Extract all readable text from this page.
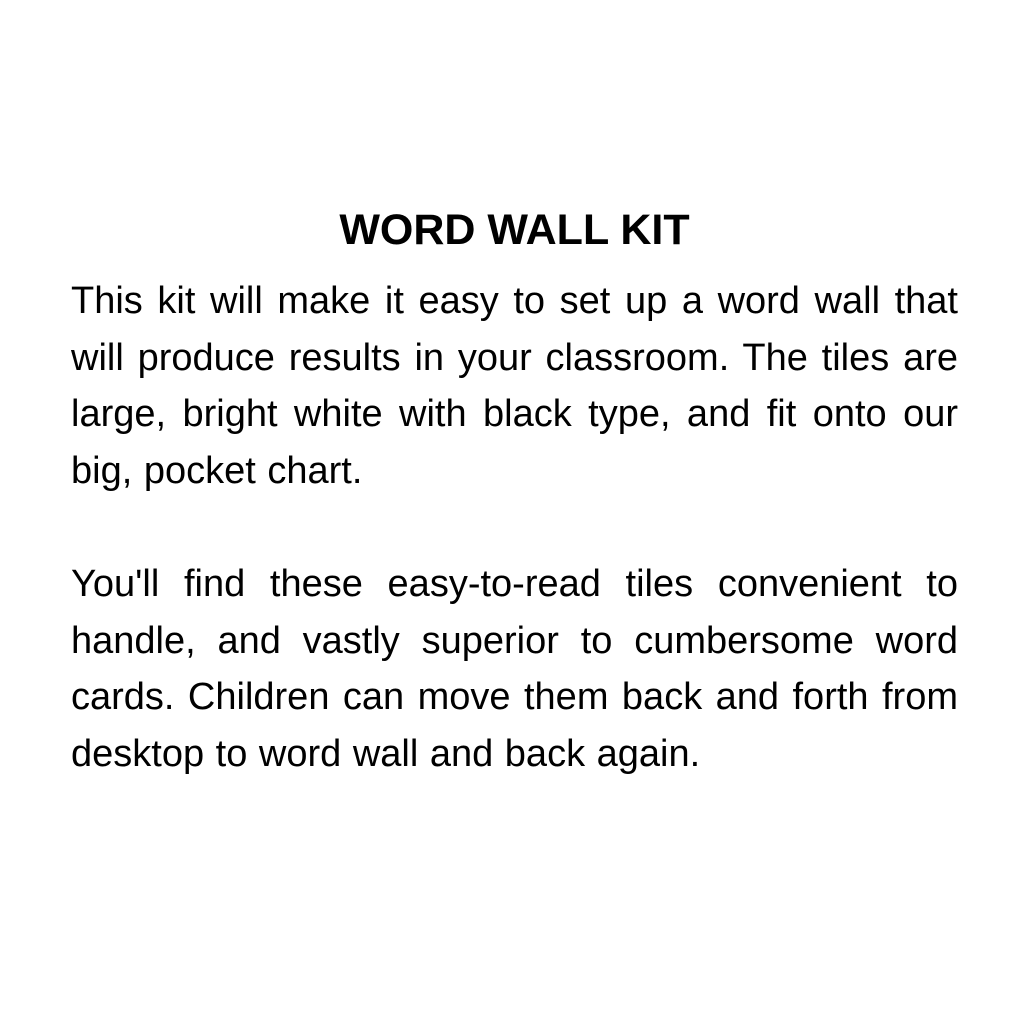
WORD WALL KIT

This kit will make it easy to set up a word wall that will produce results in your classroom. The tiles are large, bright white with black type, and fit onto our big, pocket chart.

You'll find these easy-to-read tiles convenient to handle, and vastly superior to cumbersome word cards. Children can move them back and forth from desktop to word wall and back again.
